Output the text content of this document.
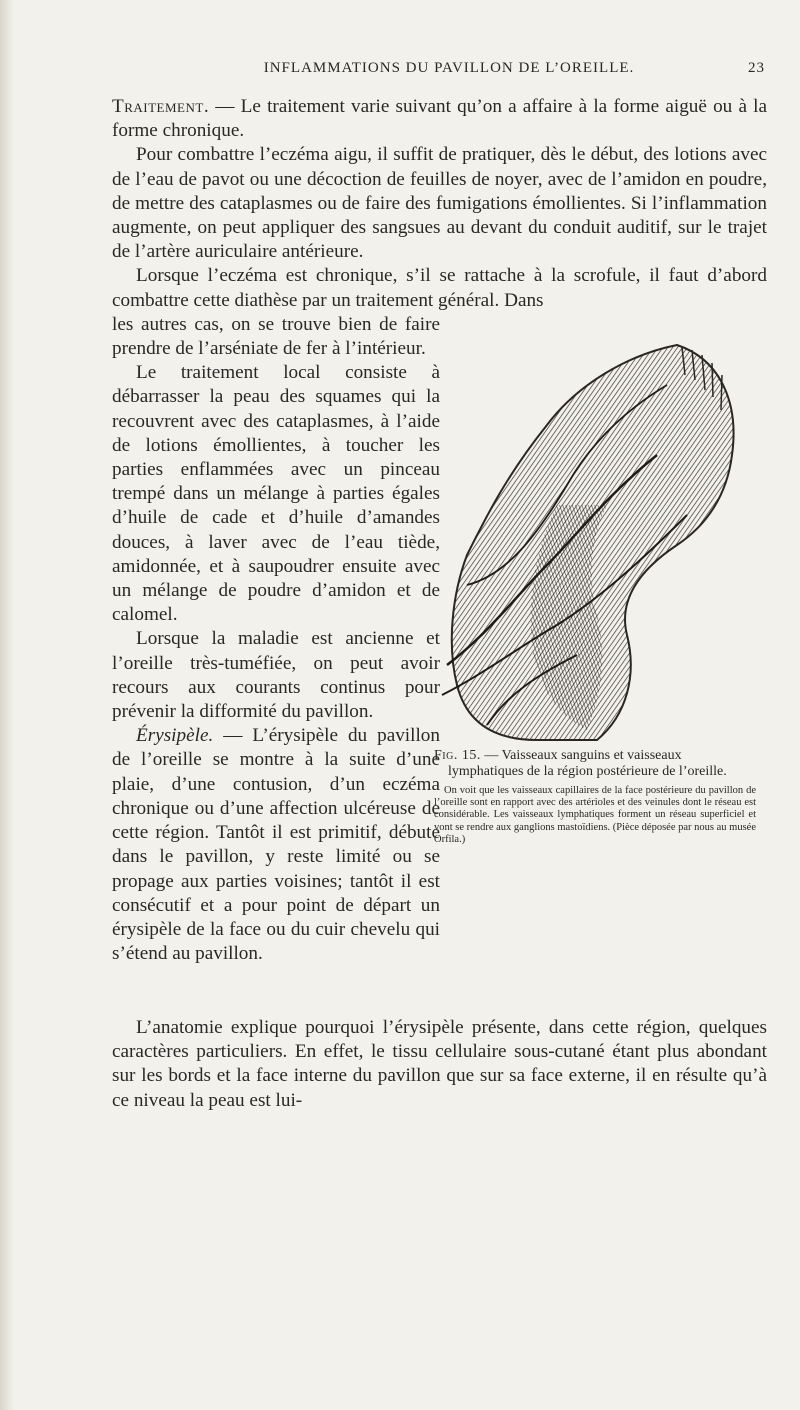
INFLAMMATIONS DU PAVILLON DE L’OREILLE.	23

Traitement. — Le traitement varie suivant qu’on a affaire à la forme aiguë ou à la forme chronique.

Pour combattre l’eczéma aigu, il suffit de pratiquer, dès le début, des lotions avec de l’eau de pavot ou une décoction de feuilles de noyer, avec de l’amidon en poudre, de mettre des cataplasmes ou de faire des fumigations émollientes. Si l’inflammation augmente, on peut appliquer des sangsues au devant du conduit auditif, sur le trajet de l’artère auriculaire antérieure.

Lorsque l’eczéma est chronique, s’il se rattache à la scrofule, il faut d’abord combattre cette diathèse par un traitement général. Dans

les autres cas, on se trouve bien de faire prendre de l’arséniate de fer à l’intérieur.

Le traitement local consiste à débarrasser la peau des squames qui la recouvrent avec des cataplasmes, à l’aide de lotions émollientes, à toucher les parties enflammées avec un pinceau trempé dans un mélange à parties égales d’huile de cade et d’huile d’amandes douces, à laver avec de l’eau tiède, amidonnée, et à saupoudrer ensuite avec un mélange de poudre d’amidon et de calomel.

Lorsque la maladie est ancienne et l’oreille très-tuméfiée, on peut avoir recours aux courants continus pour prévenir la difformité du pavillon.

Érysipèle. — L’érysipèle du pavillon de l’oreille se montre à la suite d’une plaie, d’une contusion, d’un eczéma chronique ou d’une affection ulcéreuse de cette région. Tantôt il est primitif, débute dans le pavillon, y reste limité ou se propage aux parties voisines; tantôt il est consécutif et a pour point de départ un érysipèle de la face ou du cuir chevelu qui s’étend au pavillon.

Fig. 15. — Vaisseaux sanguins et vaisseaux lymphatiques de la région postérieure de l’oreille.

On voit que les vaisseaux capillaires de la face postérieure du pavillon de l’oreille sont en rapport avec des artérioles et des veinules dont le réseau est considérable. Les vaisseaux lymphatiques forment un réseau superficiel et vont se rendre aux ganglions mastoïdiens. (Pièce déposée par nous au musée Orfila.)

L’anatomie explique pourquoi l’érysipèle présente, dans cette région, quelques caractères particuliers. En effet, le tissu cellulaire sous-cutané étant plus abondant sur les bords et la face interne du pavillon que sur sa face externe, il en résulte qu’à ce niveau la peau est lui-
